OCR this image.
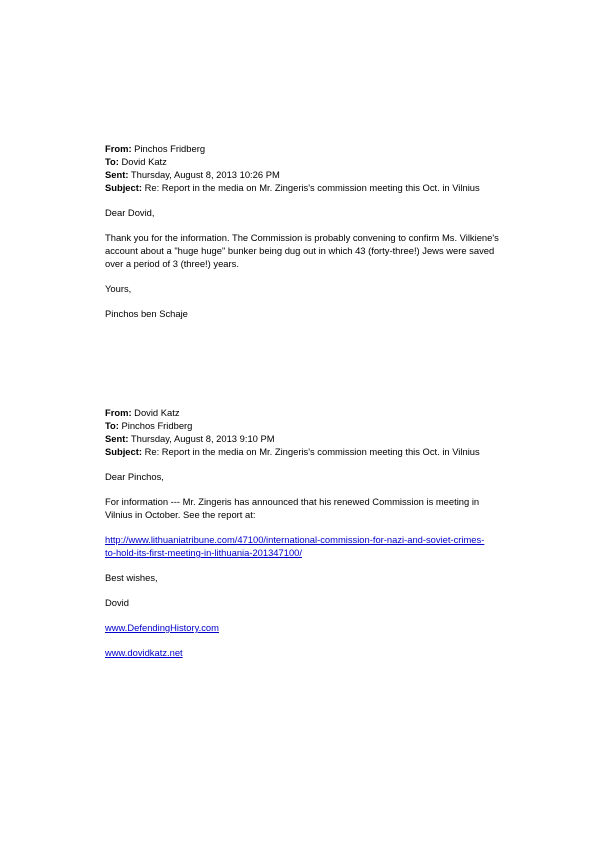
From: Pinchos Fridberg
To: Dovid Katz
Sent: Thursday, August 8, 2013 10:26 PM
Subject: Re: Report in the media on Mr. Zingeris's commission meeting this Oct. in Vilnius
Dear Dovid,
Thank you for the information. The Commission is probably convening to confirm Ms. Vilkiene's
account about a "huge huge" bunker being dug out in which 43 (forty-three!) Jews were saved
over a period of 3 (three!) years.
Yours,
Pinchos ben Schaje
From: Dovid Katz
To: Pinchos Fridberg
Sent: Thursday, August 8, 2013 9:10 PM
Subject: Re: Report in the media on Mr. Zingeris's commission meeting this Oct. in Vilnius
Dear Pinchos,
For information --- Mr. Zingeris has announced that his renewed Commission is meeting in
Vilnius in October. See the report at:
http://www.lithuaniatribune.com/47100/international-commission-for-nazi-and-soviet-crimes-
to-hold-its-first-meeting-in-lithuania-201347100/
Best wishes,
Dovid
www.DefendingHistory.com
www.dovidkatz.net
